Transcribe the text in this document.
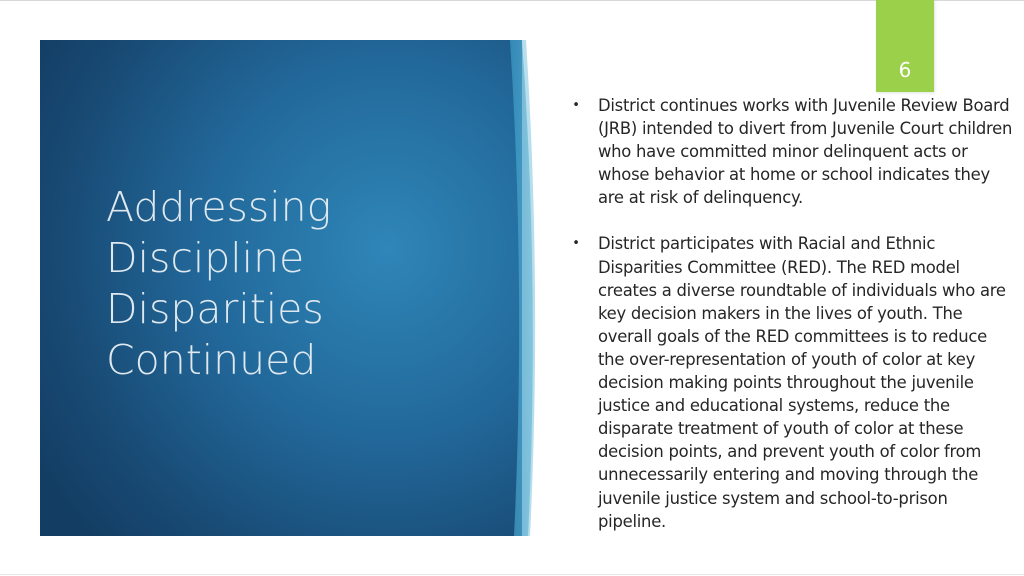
Addressing
Discipline
Disparities
Continued
6
• District continues works with Juvenile Review Board (JRB) intended to divert from Juvenile Court children who have committed minor delinquent acts or whose behavior at home or school indicates they are at risk of delinquency.
• District participates with Racial and Ethnic Disparities Committee (RED). The RED model creates a diverse roundtable of individuals who are key decision makers in the lives of youth. The overall goals of the RED committees is to reduce the over-representation of youth of color at key decision making points throughout the juvenile justice and educational systems, reduce the disparate treatment of youth of color at these decision points, and prevent youth of color from unnecessarily entering and moving through the juvenile justice system and school-to-prison pipeline.
